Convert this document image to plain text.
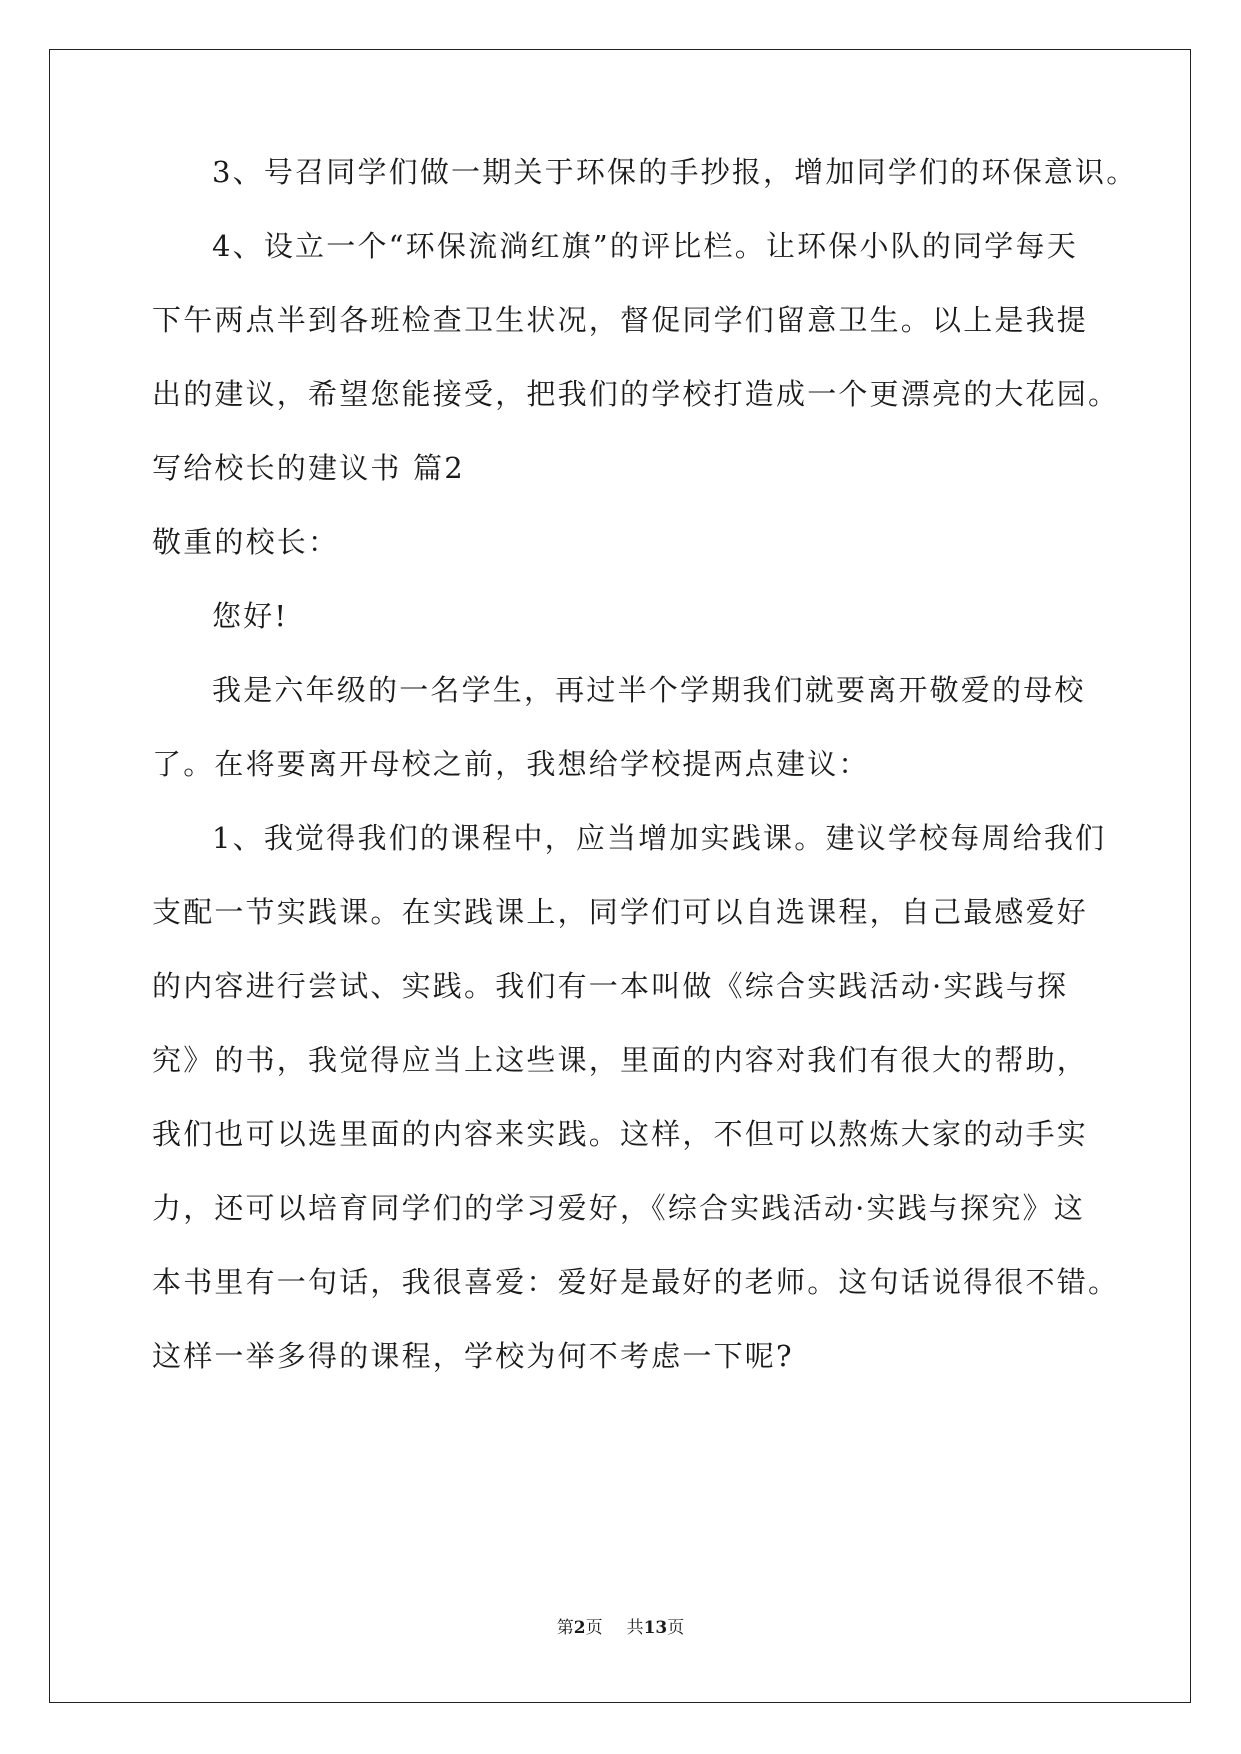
3、号召同学们做一期关于环保的手抄报，增加同学们的环保意识。
4、设立一个“环保流淌红旗”的评比栏。让环保小队的同学每天
下午两点半到各班检查卫生状况，督促同学们留意卫生。以上是我提
出的建议，希望您能接受，把我们的学校打造成一个更漂亮的大花园。
写给校长的建议书 篇2
敬重的校长：
您好!
我是六年级的一名学生，再过半个学期我们就要离开敬爱的母校
了。在将要离开母校之前，我想给学校提两点建议：
1、我觉得我们的课程中，应当增加实践课。建议学校每周给我们
支配一节实践课。在实践课上，同学们可以自选课程，自己最感爱好
的内容进行尝试、实践。我们有一本叫做《综合实践活动·实践与探
究》的书，我觉得应当上这些课，里面的内容对我们有很大的帮助，
我们也可以选里面的内容来实践。这样，不但可以熬炼大家的动手实
力，还可以培育同学们的学习爱好，《综合实践活动·实践与探究》这
本书里有一句话，我很喜爱：爱好是最好的老师。这句话说得很不错。
这样一举多得的课程，学校为何不考虑一下呢?
第2页 共13页
